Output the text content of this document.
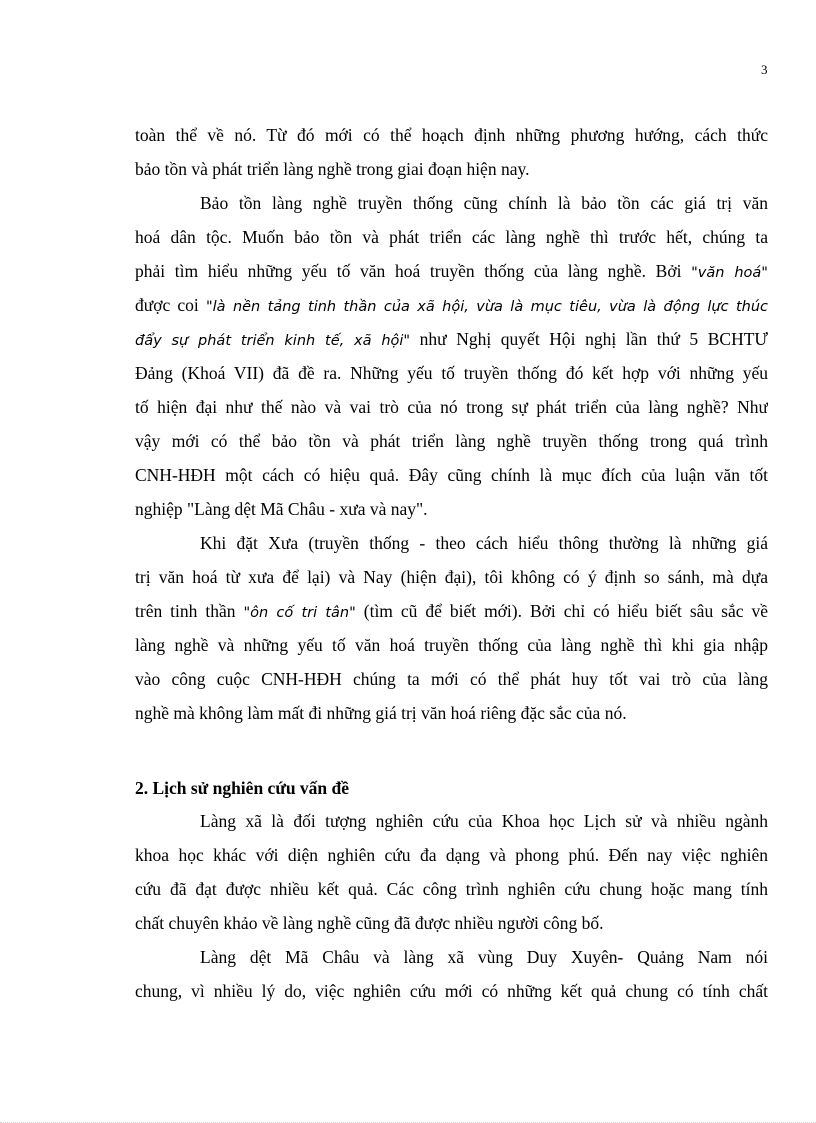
3
toàn thể về nó. Từ đó mới có thể hoạch định những phương hướng, cách thức
bảo tồn và phát triển làng nghề trong giai đoạn hiện nay.
Bảo tồn làng nghề truyền thống cũng chính là bảo tồn các giá trị văn
hoá dân tộc. Muốn bảo tồn và phát triển các làng nghề thì trước hết, chúng ta
phải tìm hiểu những yếu tố văn hoá truyền thống của làng nghề. Bởi "văn hoá"
được coi "là nền tảng tinh thần của xã hội, vừa là mục tiêu, vừa là động lực thúc
đẩy sự phát triển kinh tế, xã hội" như Nghị quyết Hội nghị lần thứ 5 BCHTƯ
Đảng (Khoá VII) đã đề ra. Những yếu tố truyền thống đó kết hợp với những yếu
tố hiện đại như thế nào và vai trò của nó trong sự phát triển của làng nghề? Như
vậy mới có thể bảo tồn và phát triển làng nghề truyền thống trong quá trình
CNH-HĐH một cách có hiệu quả. Đây cũng chính là mục đích của luận văn tốt
nghiệp "Làng dệt Mã Châu - xưa và nay".
Khi đặt Xưa (truyền thống - theo cách hiểu thông thường là những giá
trị văn hoá từ xưa để lại) và Nay (hiện đại), tôi không có ý định so sánh, mà dựa
trên tinh thần "ôn cố tri tân" (tìm cũ để biết mới). Bởi chỉ có hiểu biết sâu sắc về
làng nghề và những yếu tố văn hoá truyền thống của làng nghề thì khi gia nhập
vào công cuộc CNH-HĐH chúng ta mới có thể phát huy tốt vai trò của làng
nghề mà không làm mất đi những giá trị văn hoá riêng đặc sắc của nó.
2. Lịch sử nghiên cứu vấn đề
Làng xã là đối tượng nghiên cứu của Khoa học Lịch sử và nhiều ngành
khoa học khác với diện nghiên cứu đa dạng và phong phú. Đến nay việc nghiên
cứu đã đạt được nhiều kết quả. Các công trình nghiên cứu chung hoặc mang tính
chất chuyên khảo về làng nghề cũng đã được nhiều người công bố.
Làng dệt Mã Châu và làng xã vùng Duy Xuyên- Quảng Nam nói
chung, vì nhiều lý do, việc nghiên cứu mới có những kết quả chung có tính chất
